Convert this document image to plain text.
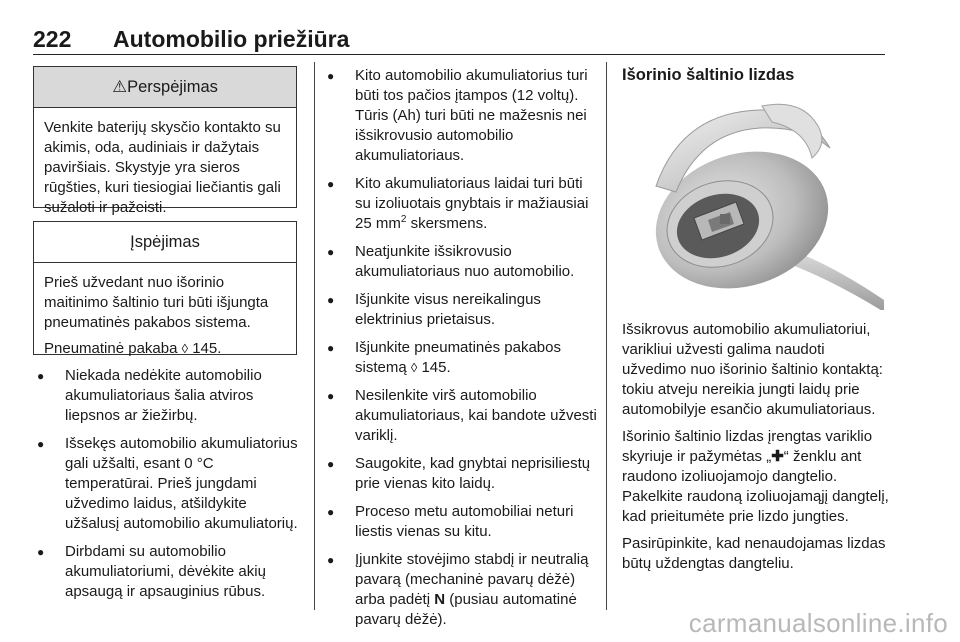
222 Automobilio priežiūra
⚠Perspėjimas

Venkite baterijų skysčio kontakto su akimis, oda, audiniais ir dažytais paviršiais. Skystyje yra sieros rūgšties, kuri tiesiogiai liečiantis gali sužaloti ir pažeisti.

Įspėjimas

Prieš užvedant nuo išorinio maitinimo šaltinio turi būti išjungta pneumatinės pakabos sistema.

Pneumatinė pakaba ◊ 145.

● Niekada nedėkite automobilio akumuliatoriaus šalia atviros liepsnos ar žiežirbų.
● Išsekęs automobilio akumuliatorius gali užšalti, esant 0 °C temperatūrai. Prieš jungdami užvedimo laidus, atšildykite užšalusį automobilio akumuliatorių.
● Dirbdami su automobilio akumuliatoriumi, dėvėkite akių apsaugą ir apsauginius rūbus.
● Kito automobilio akumuliatorius turi būti tos pačios įtampos (12 voltų). Tūris (Ah) turi būti ne mažesnis nei išsikrovusio automobilio akumuliatoriaus.
● Kito akumuliatoriaus laidai turi būti su izoliuotais gnybtais ir mažiausiai 25 $mm^2$ skersmens.
● Neatjunkite išsikrovusio akumuliatoriaus nuo automobilio.
● Išjunkite visus nereikalingus elektrinius prietaisus.
● Išjunkite pneumatinės pakabos sistemą ◊ 145.
● Nesilenkite virš automobilio akumuliatoriaus, kai bandote užvesti variklį.
● Saugokite, kad gnybtai neprisiliestų prie vienas kito laidų.
● Proceso metu automobiliai neturi liestis vienas su kitu.
● Įjunkite stovėjimo stabdį ir neutralią pavarą (mechaninė pavarų dėžė) arba padėtį N (pusiau automatinė pavarų dėžė).
Išorinio šaltinio lizdas

Išsikrovus automobilio akumuliatoriui, varikliui užvesti galima naudoti užvedimo nuo išorinio šaltinio kontaktą: tokiu atveju nereikia jungti laidų prie automobilyje esančio akumuliatoriaus.

Išorinio šaltinio lizdas įrengtas variklio skyriuje ir pažymėtas „✚“ ženklu ant raudono izoliuojamojo dangtelio. Pakelkite raudoną izoliuojamąjį dangtelį, kad prieitumėte prie lizdo jungties.

Pasirūpinkite, kad nenaudojamas lizdas būtų uždengtas dangteliu.

carmanualsonline.info
